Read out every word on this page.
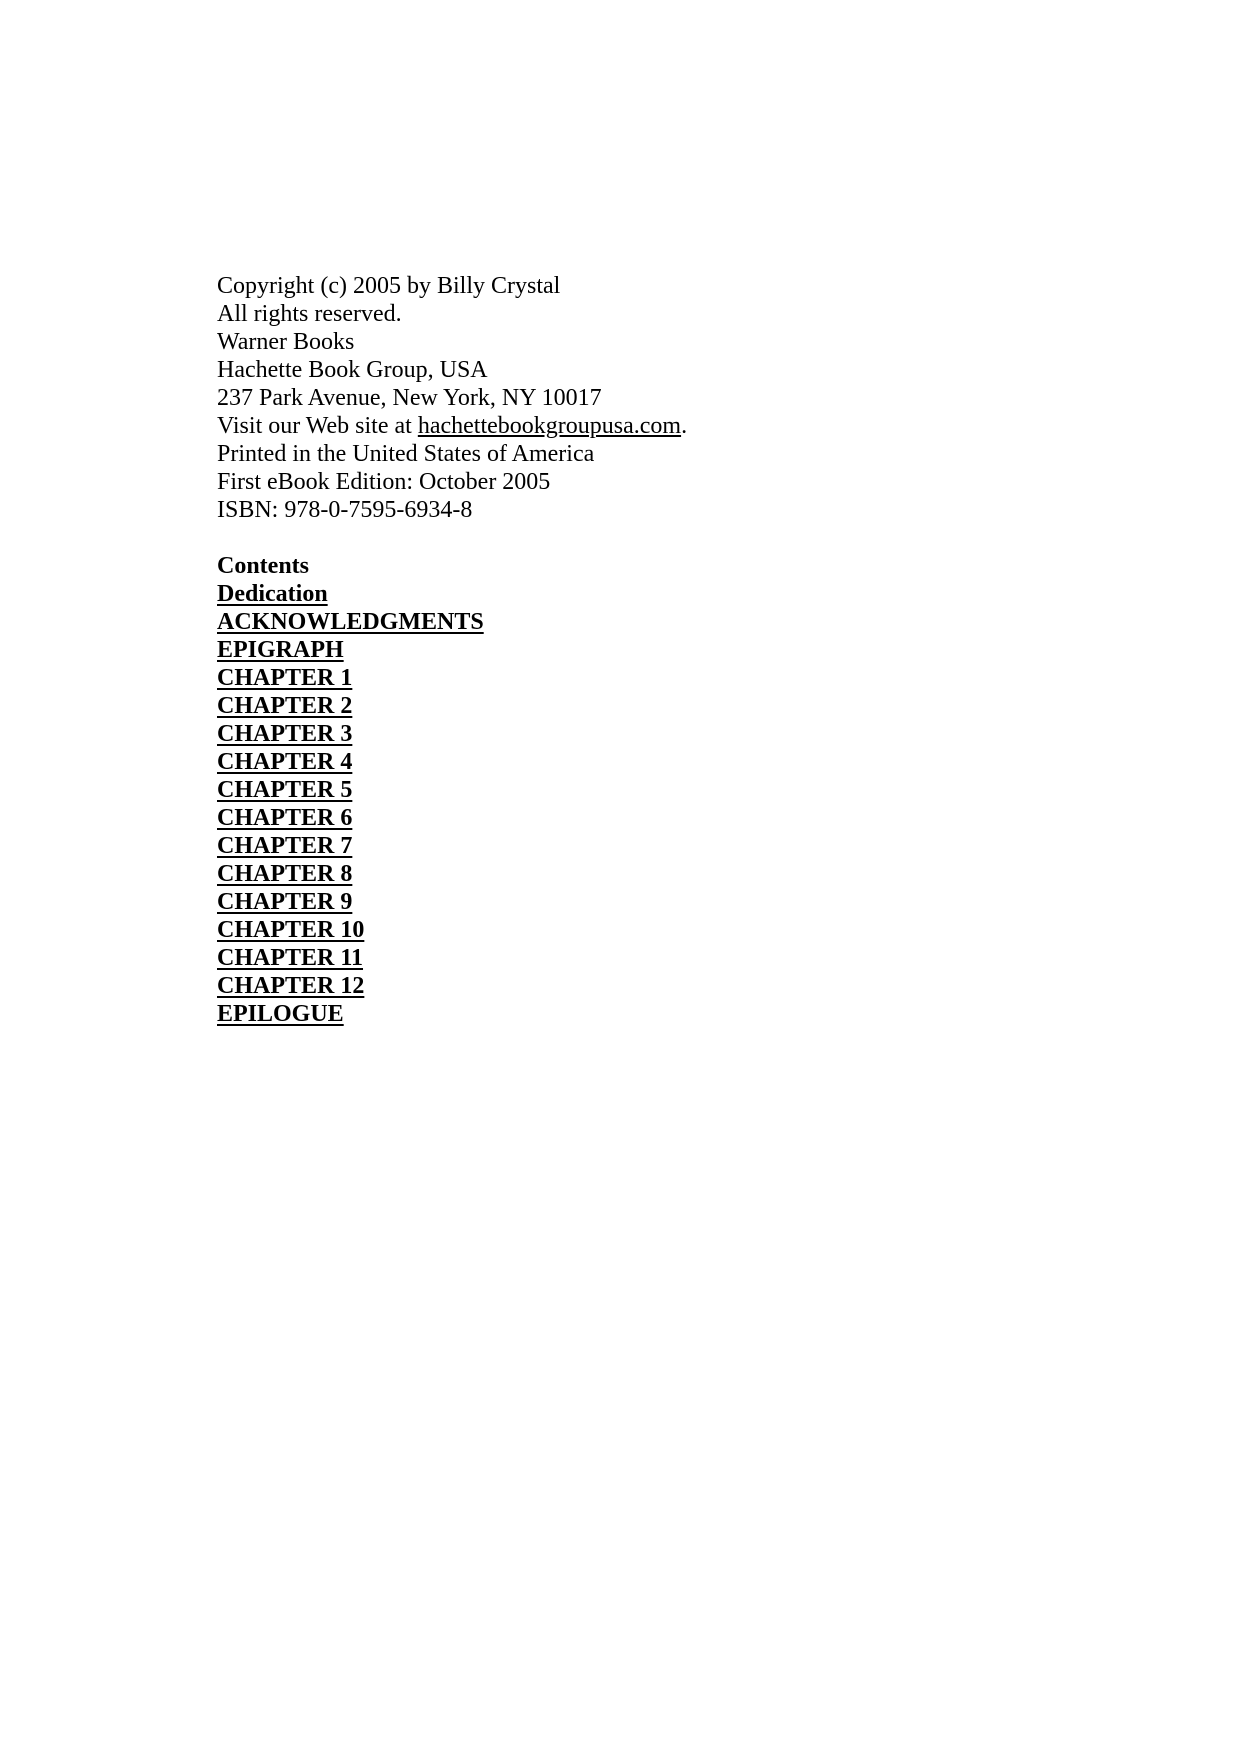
Copyright (c) 2005 by Billy Crystal
All rights reserved.
Warner Books
Hachette Book Group, USA
237 Park Avenue, New York, NY 10017
Visit our Web site at hachettebookgroupusa.com.
Printed in the United States of America
First eBook Edition: October 2005
ISBN: 978-0-7595-6934-8
Contents
Dedication
ACKNOWLEDGMENTS
EPIGRAPH
CHAPTER 1
CHAPTER 2
CHAPTER 3
CHAPTER 4
CHAPTER 5
CHAPTER 6
CHAPTER 7
CHAPTER 8
CHAPTER 9
CHAPTER 10
CHAPTER 11
CHAPTER 12
EPILOGUE
